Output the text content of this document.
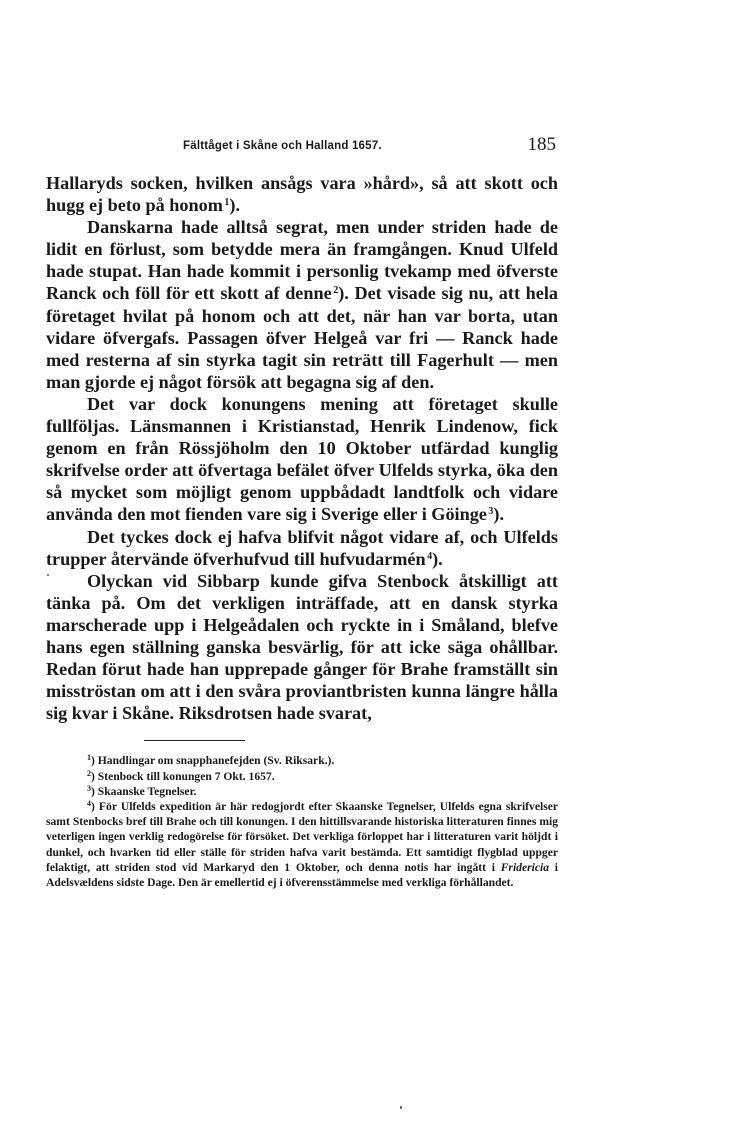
Fälttåget i Skåne och Halland 1657.	185

Hallaryds socken, hvilken ansågs vara »hård», så att skott och hugg ej beto på honom  $^1$).

Danskarna hade alltså segrat, men under striden hade de lidit en förlust, som betydde mera än framgången. Knud Ulfeld hade stupat. Han hade kommit i personlig tvekamp med öfverste Ranck och föll för ett skott af denne  $^2$). Det visade sig nu, att hela företaget hvilat på honom och att det, när han var borta, utan vidare öfvergafs. Passagen öfver Helgeå var fri — Ranck hade med resterna af sin styrka tagit sin reträtt till Fagerhult — men man gjorde ej något försök att begagna sig af den.

Det var dock konungens mening att företaget skulle fullföljas. Länsmannen i Kristianstad, Henrik Lindenow, fick genom en från Rössjöholm den 10 Oktober utfärdad kunglig skrifvelse order att öfvertaga befälet öfver Ulfelds styrka, öka den så mycket som möjligt genom uppbådadt landtfolk och vidare använda den mot fienden vare sig i Sverige eller i Göinge  $^3$).

Det tyckes dock ej hafva blifvit något vidare af, och Ulfelds trupper återvände öfverhufvud till hufvudarmén  $^4$).

Olyckan vid Sibbarp kunde gifva Stenbock åtskilligt att tänka på. Om det verkligen inträffade, att en dansk styrka marscherade upp i Helgeådalen och ryckte in i Småland, blefve hans egen ställning ganska besvärlig, för att icke säga ohållbar. Redan förut hade han upprepade gånger för Brahe framställt sin misströstan om att i den svåra proviantbristen kunna längre hålla sig kvar i Skåne. Riksdrotsen hade svarat,

$^1$) Handlingar om snapphanefejden (Sv. Riksark.).

$^2$) Stenbock till konungen 7 Okt. 1657.

$^3$) Skaanske Tegnelser.

$^4$) För Ulfelds expedition är här redogjordt efter Skaanske Tegnelser, Ulfelds egna skrifvelser samt Stenbocks bref till Brahe och till konungen. I den hittillsvarande historiska litteraturen finnes mig veterligen ingen verklig redogörelse för försöket. Det verkliga förloppet har i litteraturen varit höljdt i dunkel, och hvarken tid eller ställe för striden hafva varit bestämda. Ett samtidigt flygblad uppger felaktigt, att striden stod vid Markaryd den 1 Oktober, och denna notis har ingått i Fridericia i Adelsvældens sidste Dage. Den är emellertid ej i öfverensstämmelse med verkliga förhållandet.
